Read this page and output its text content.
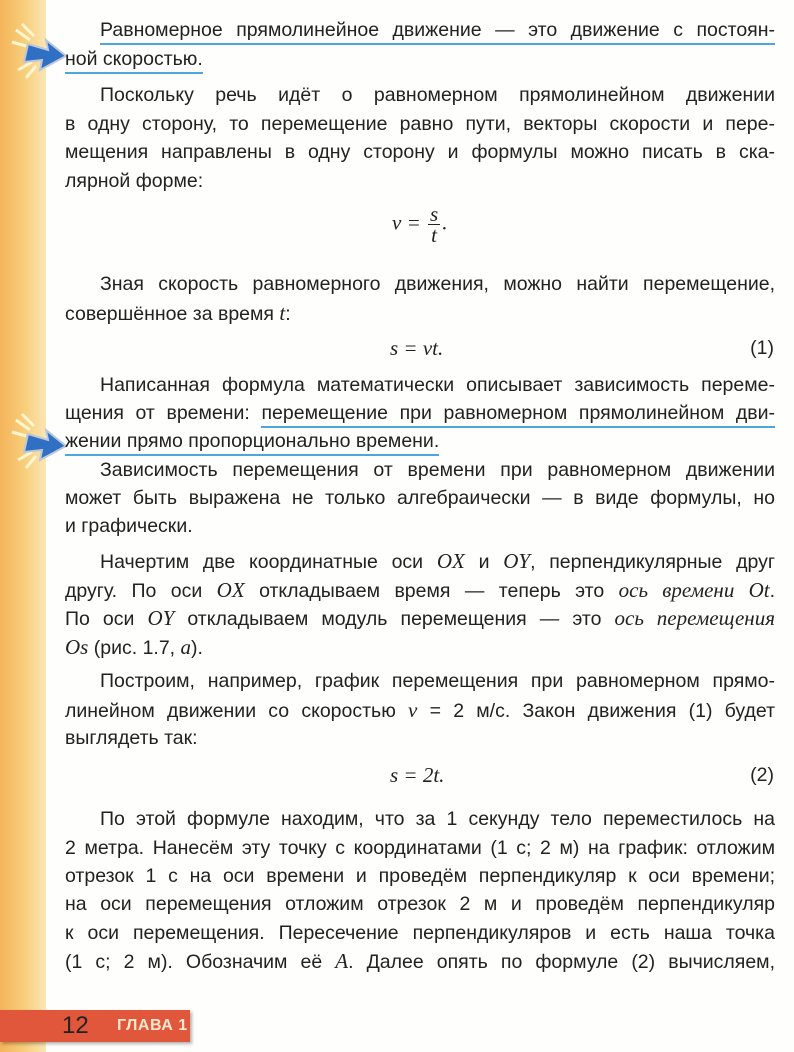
Равномерное прямолинейное движение — это движение с постоян-
ной скоростью.
Поскольку речь идёт о равномерном прямолинейном движении
в одну сторону, то перемещение равно пути, векторы скорости и пере-
мещения направлены в одну сторону и формулы можно писать в ска-
лярной форме:
Зная скорость равномерного движения, можно найти перемещение,
совершённое за время t:
Написанная формула математически описывает зависимость переме-
щения от времени: перемещение при равномерном прямолинейном дви-
жении прямо пропорционально времени.
Зависимость перемещения от времени при равномерном движении
может быть выражена не только алгебраически — в виде формулы, но
и графически.
Начертим две координатные оси OX и OY, перпендикулярные друг
другу. По оси OX откладываем время — теперь это ось времени Ot.
По оси OY откладываем модуль перемещения — это ось перемещения
Os (рис. 1.7, а).
Построим, например, график перемещения при равномерном прямо-
линейном движении со скоростью v = 2 м/с. Закон движения (1) будет
выглядеть так:
По этой формуле находим, что за 1 секунду тело переместилось на
2 метра. Нанесём эту точку с координатами (1 с; 2 м) на график: отложим
отрезок 1 с на оси времени и проведём перпендикуляр к оси времени;
на оси перемещения отложим отрезок 2 м и проведём перпендикуляр
к оси перемещения. Пересечение перпендикуляров и есть наша точка
(1 с; 2 м). Обозначим её А. Далее опять по формуле (2) вычисляем,
$v = \frac{s}{t}$ .
s = vt.	(1)
s = 2t.	(2)
12 ГЛАВА 1
